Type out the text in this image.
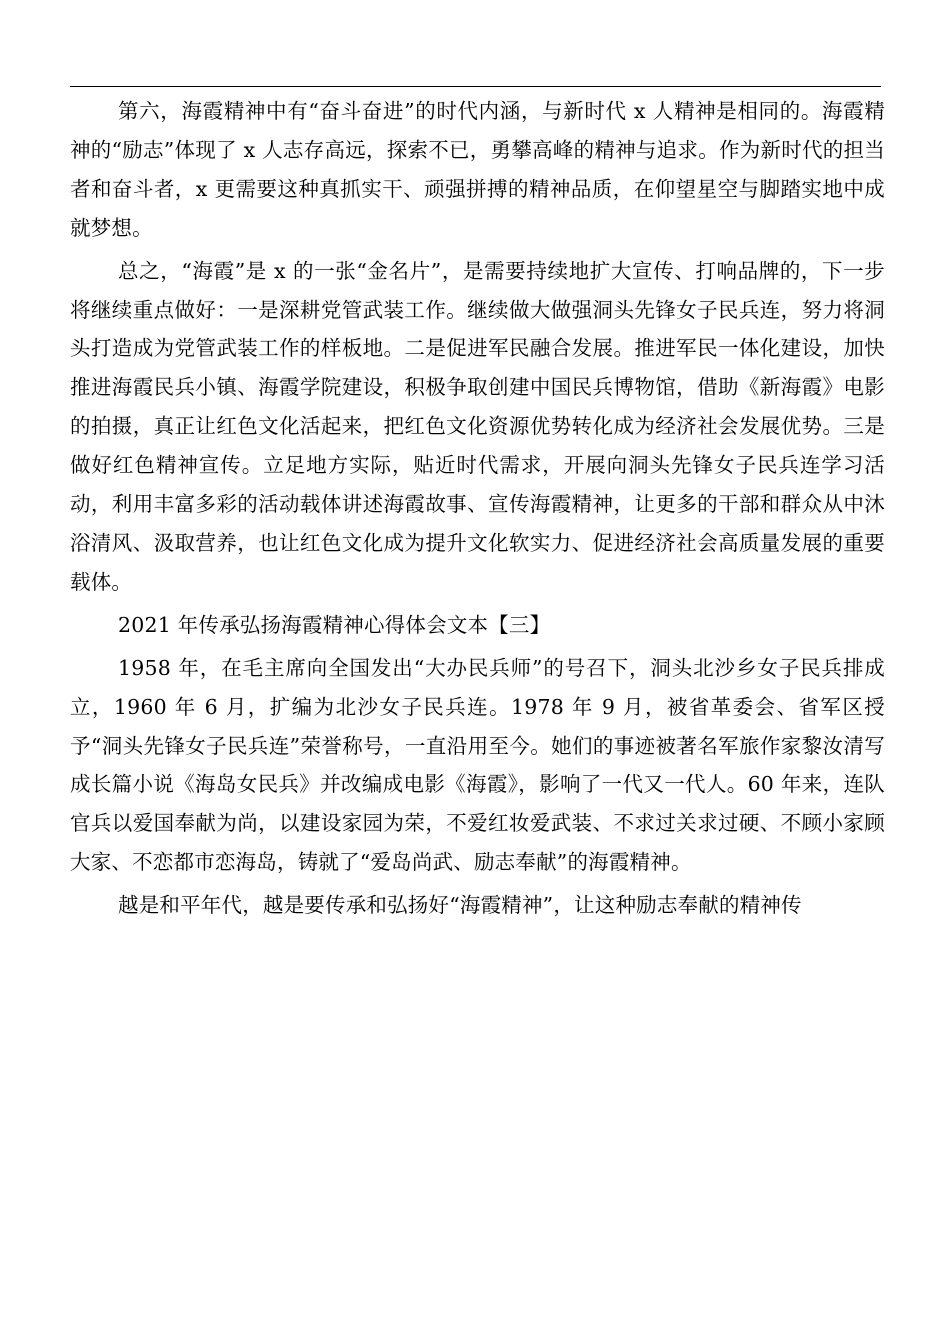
第六，海霞精神中有“奋斗奋进”的时代内涵，与新时代 x 人精神是相同的。海霞精神的“励志”体现了 x 人志存高远，探索不已，勇攀高峰的精神与追求。作为新时代的担当者和奋斗者，x 更需要这种真抓实干、顽强拼搏的精神品质，在仰望星空与脚踏实地中成就梦想。

总之，“海霞”是 x 的一张“金名片”，是需要持续地扩大宣传、打响品牌的，下一步将继续重点做好：一是深耕党管武装工作。继续做大做强洞头先锋女子民兵连，努力将洞头打造成为党管武装工作的样板地。二是促进军民融合发展。推进军民一体化建设，加快推进海霞民兵小镇、海霞学院建设，积极争取创建中国民兵博物馆，借助《新海霞》电影的拍摄，真正让红色文化活起来，把红色文化资源优势转化成为经济社会发展优势。三是做好红色精神宣传。立足地方实际，贴近时代需求，开展向洞头先锋女子民兵连学习活动，利用丰富多彩的活动载体讲述海霞故事、宣传海霞精神，让更多的干部和群众从中沐浴清风、汲取营养，也让红色文化成为提升文化软实力、促进经济社会高质量发展的重要载体。

2021 年传承弘扬海霞精神心得体会文本【三】

1958 年，在毛主席向全国发出“大办民兵师”的号召下，洞头北沙乡女子民兵排成立，1960 年 6 月，扩编为北沙女子民兵连。1978 年 9 月，被省革委会、省军区授予“洞头先锋女子民兵连”荣誉称号，一直沿用至今。她们的事迹被著名军旅作家黎汝清写成长篇小说《海岛女民兵》并改编成电影《海霞》，影响了一代又一代人。60 年来，连队官兵以爱国奉献为尚，以建设家园为荣，不爱红妆爱武装、不求过关求过硬、不顾小家顾大家、不恋都市恋海岛，铸就了“爱岛尚武、励志奉献”的海霞精神。

越是和平年代，越是要传承和弘扬好“海霞精神”，让这种励志奉献的精神传
